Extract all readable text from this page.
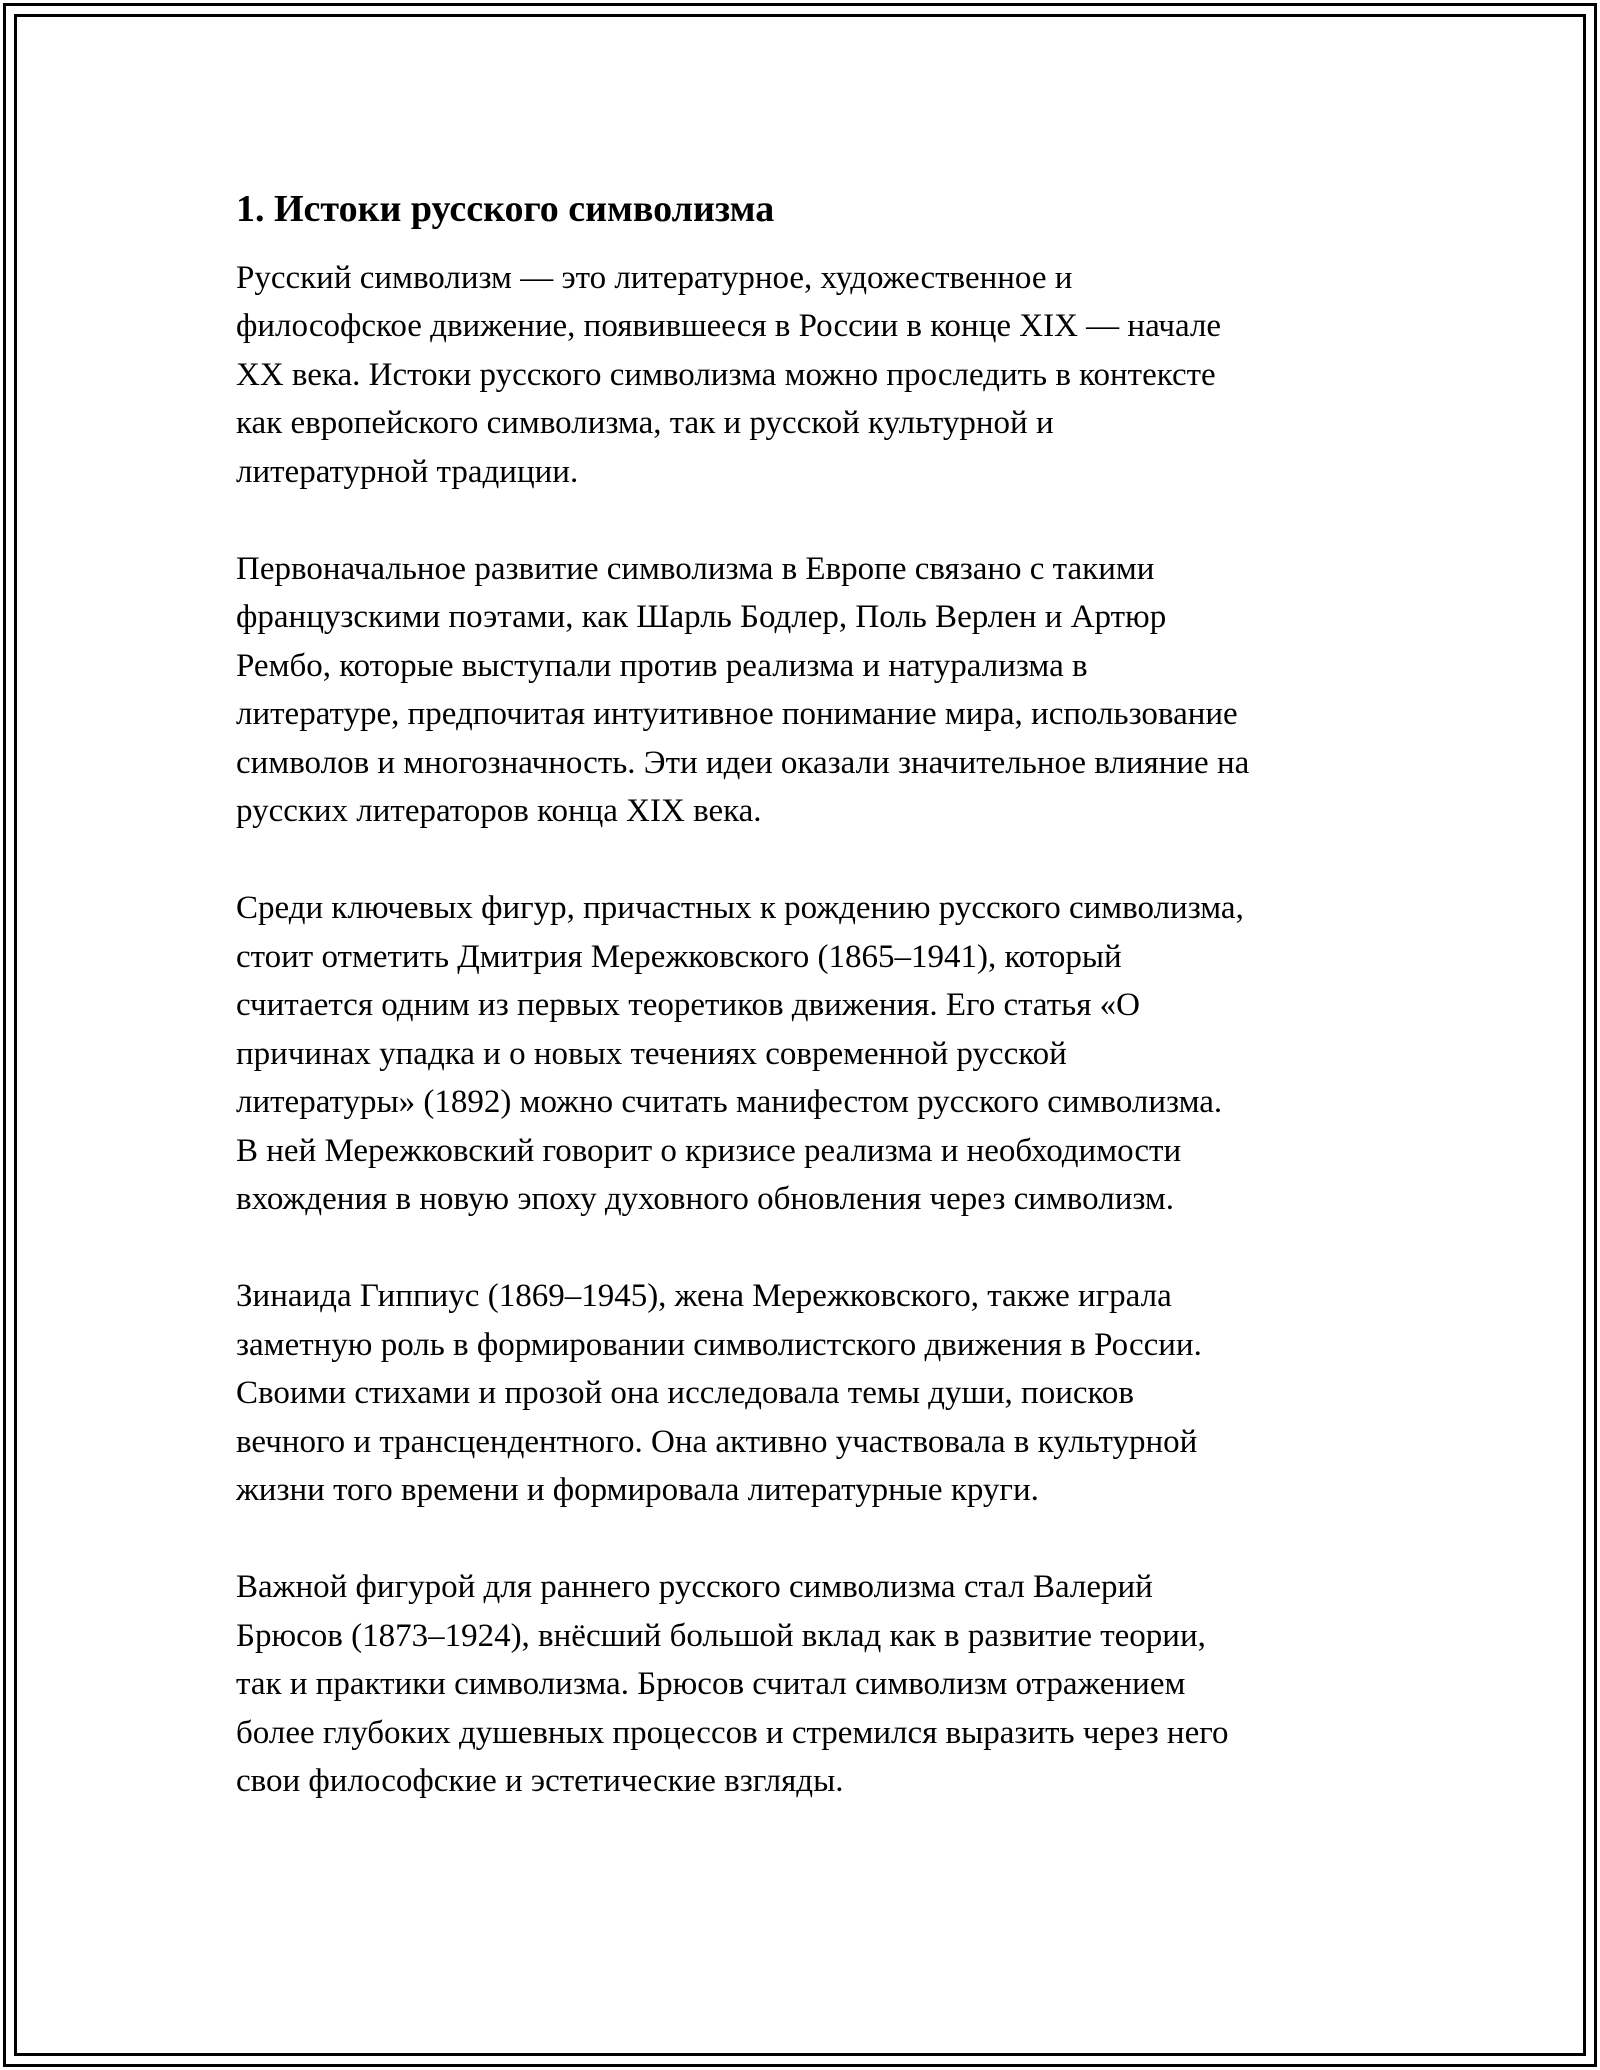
1. Истоки русского символизма

Русский символизм — это литературное, художественное и
философское движение, появившееся в России в конце XIX — начале
XX века. Истоки русского символизма можно проследить в контексте
как европейского символизма, так и русской культурной и
литературной традиции.

Первоначальное развитие символизма в Европе связано с такими
французскими поэтами, как Шарль Бодлер, Поль Верлен и Артюр
Рембо, которые выступали против реализма и натурализма в
литературе, предпочитая интуитивное понимание мира, использование
символов и многозначность. Эти идеи оказали значительное влияние на
русских литераторов конца XIX века.

Среди ключевых фигур, причастных к рождению русского символизма,
стоит отметить Дмитрия Мережковского (1865–1941), который
считается одним из первых теоретиков движения. Его статья «О
причинах упадка и о новых течениях современной русской
литературы» (1892) можно считать манифестом русского символизма.
В ней Мережковский говорит о кризисе реализма и необходимости
вхождения в новую эпоху духовного обновления через символизм.

Зинаида Гиппиус (1869–1945), жена Мережковского, также играла
заметную роль в формировании символистского движения в России.
Своими стихами и прозой она исследовала темы души, поисков
вечного и трансцендентного. Она активно участвовала в культурной
жизни того времени и формировала литературные круги.

Важной фигурой для раннего русского символизма стал Валерий
Брюсов (1873–1924), внёсший большой вклад как в развитие теории,
так и практики символизма. Брюсов считал символизм отражением
более глубоких душевных процессов и стремился выразить через него
свои философские и эстетические взгляды.
